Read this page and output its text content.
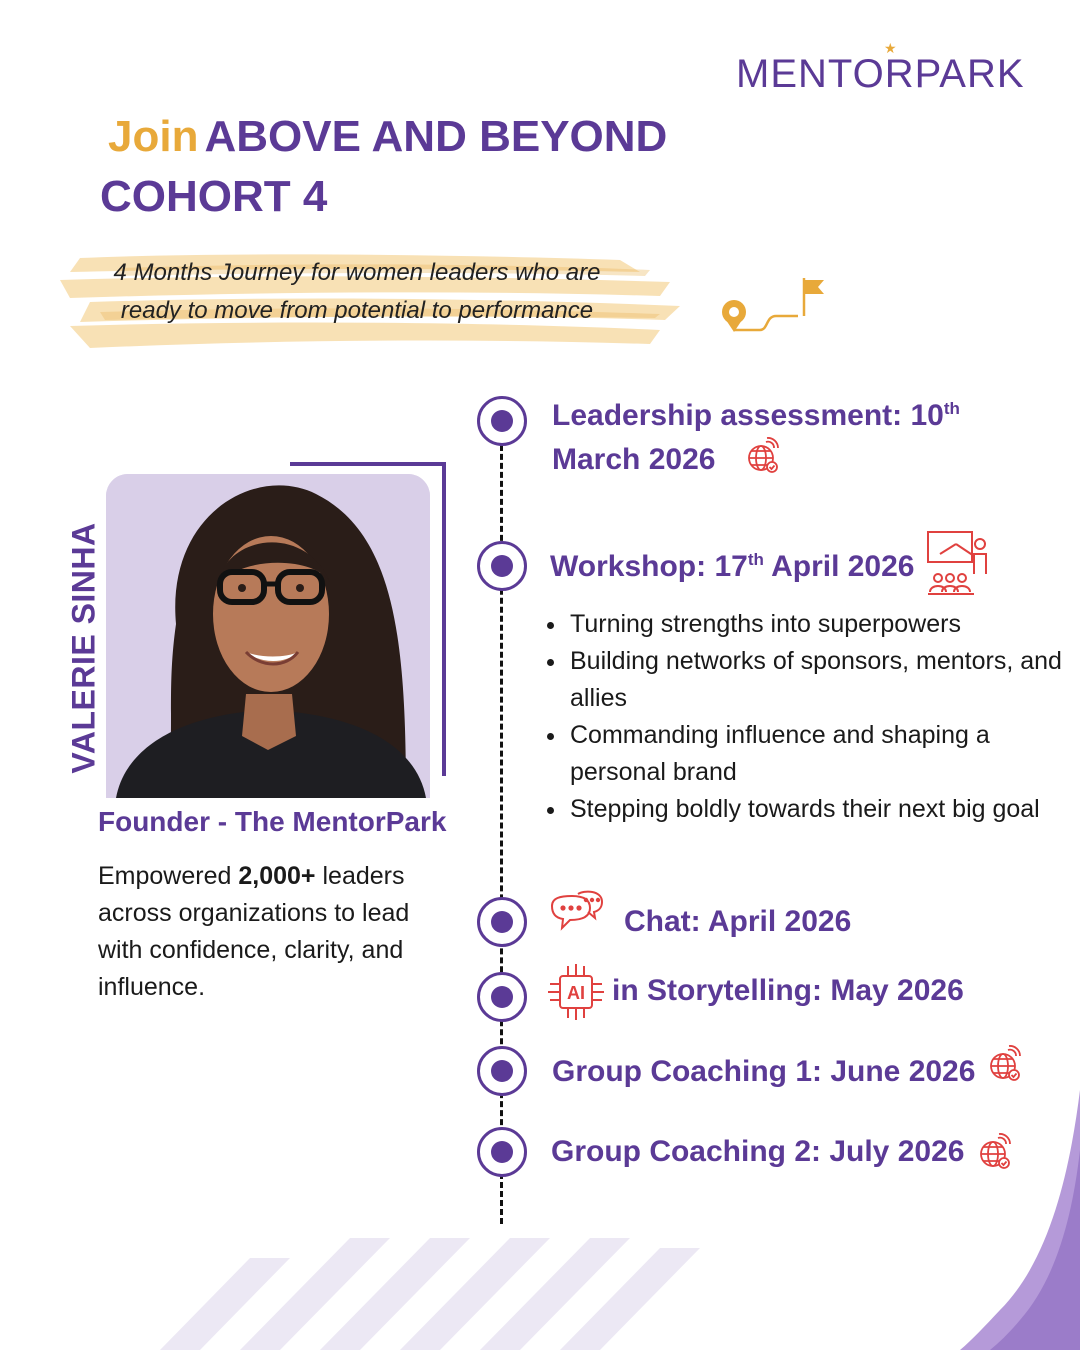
MENTORPARK
★
Join ABOVE AND BEYOND
COHORT 4
4 Months Journey for women leaders who are ready to move from potential to performance
VALERIE SINHA
Founder - The MentorPark
Empowered 2,000+ leaders across organizations to lead with confidence, clarity, and influence.
Leadership assessment: 10th
March 2026
Workshop: 17th April 2026
• Turning strengths into superpowers
• Building networks of sponsors, mentors, and allies
• Commanding influence and shaping a personal brand
• Stepping boldly towards their next big goal
Chat: April 2026
AI in Storytelling: May 2026
Group Coaching 1: June 2026
Group Coaching 2: July 2026
